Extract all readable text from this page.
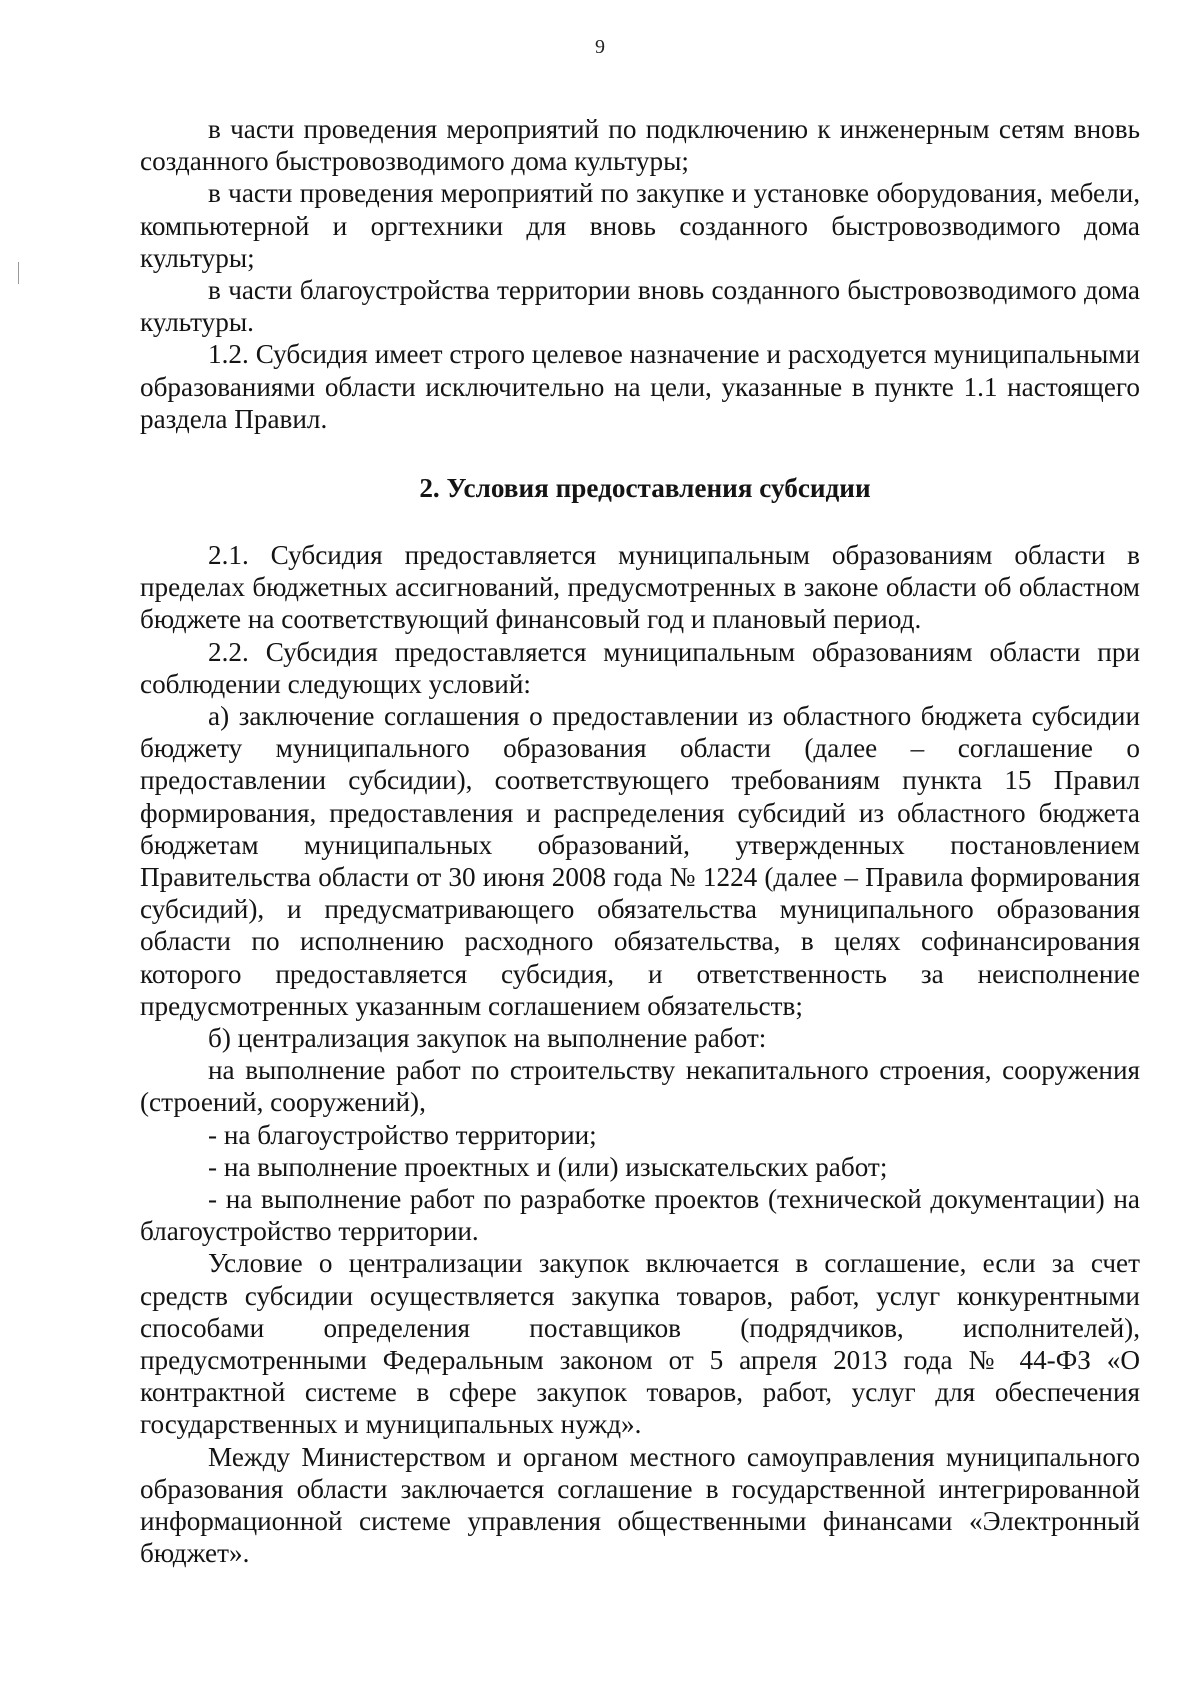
9

в части проведения мероприятий по подключению к инженерным сетям вновь созданного быстровозводимого дома культуры;

в части проведения мероприятий по закупке и установке оборудования, мебели, компьютерной и оргтехники для вновь созданного быстровозводимого дома культуры;

в части благоустройства территории вновь созданного быстровозводимого дома культуры.

1.2. Субсидия имеет строго целевое назначение и расходуется муниципальными образованиями области исключительно на цели, указанные в пункте 1.1 настоящего раздела Правил.

2. Условия предоставления субсидии

2.1. Субсидия предоставляется муниципальным образованиям области в пределах бюджетных ассигнований, предусмотренных в законе области об областном бюджете на соответствующий финансовый год и плановый период.

2.2. Субсидия предоставляется муниципальным образованиям области при соблюдении следующих условий:

а) заключение соглашения о предоставлении из областного бюджета субсидии бюджету муниципального образования области (далее – соглашение о предоставлении субсидии), соответствующего требованиям пункта 15 Правил формирования, предоставления и распределения субсидий из областного бюджета бюджетам муниципальных образований, утвержденных постановлением Правительства области от 30 июня 2008 года № 1224 (далее – Правила формирования субсидий), и предусматривающего обязательства муниципального образования области по исполнению расходного обязательства, в целях софинансирования которого предоставляется субсидия, и ответственность за неисполнение предусмотренных указанным соглашением обязательств;

б) централизация закупок на выполнение работ:

на выполнение работ по строительству некапитального строения, сооружения (строений, сооружений),

- на благоустройство территории;

- на выполнение проектных и (или) изыскательских работ;

- на выполнение работ по разработке проектов (технической документации) на благоустройство территории.

Условие о централизации закупок включается в соглашение, если за счет средств субсидии осуществляется закупка товаров, работ, услуг конкурентными способами определения поставщиков (подрядчиков, исполнителей), предусмотренными Федеральным законом от 5 апреля 2013 года № 44-ФЗ «О контрактной системе в сфере закупок товаров, работ, услуг для обеспечения государственных и муниципальных нужд».

Между Министерством и органом местного самоуправления муниципального образования области заключается соглашение в государственной интегрированной информационной системе управления общественными финансами «Электронный бюджет».
